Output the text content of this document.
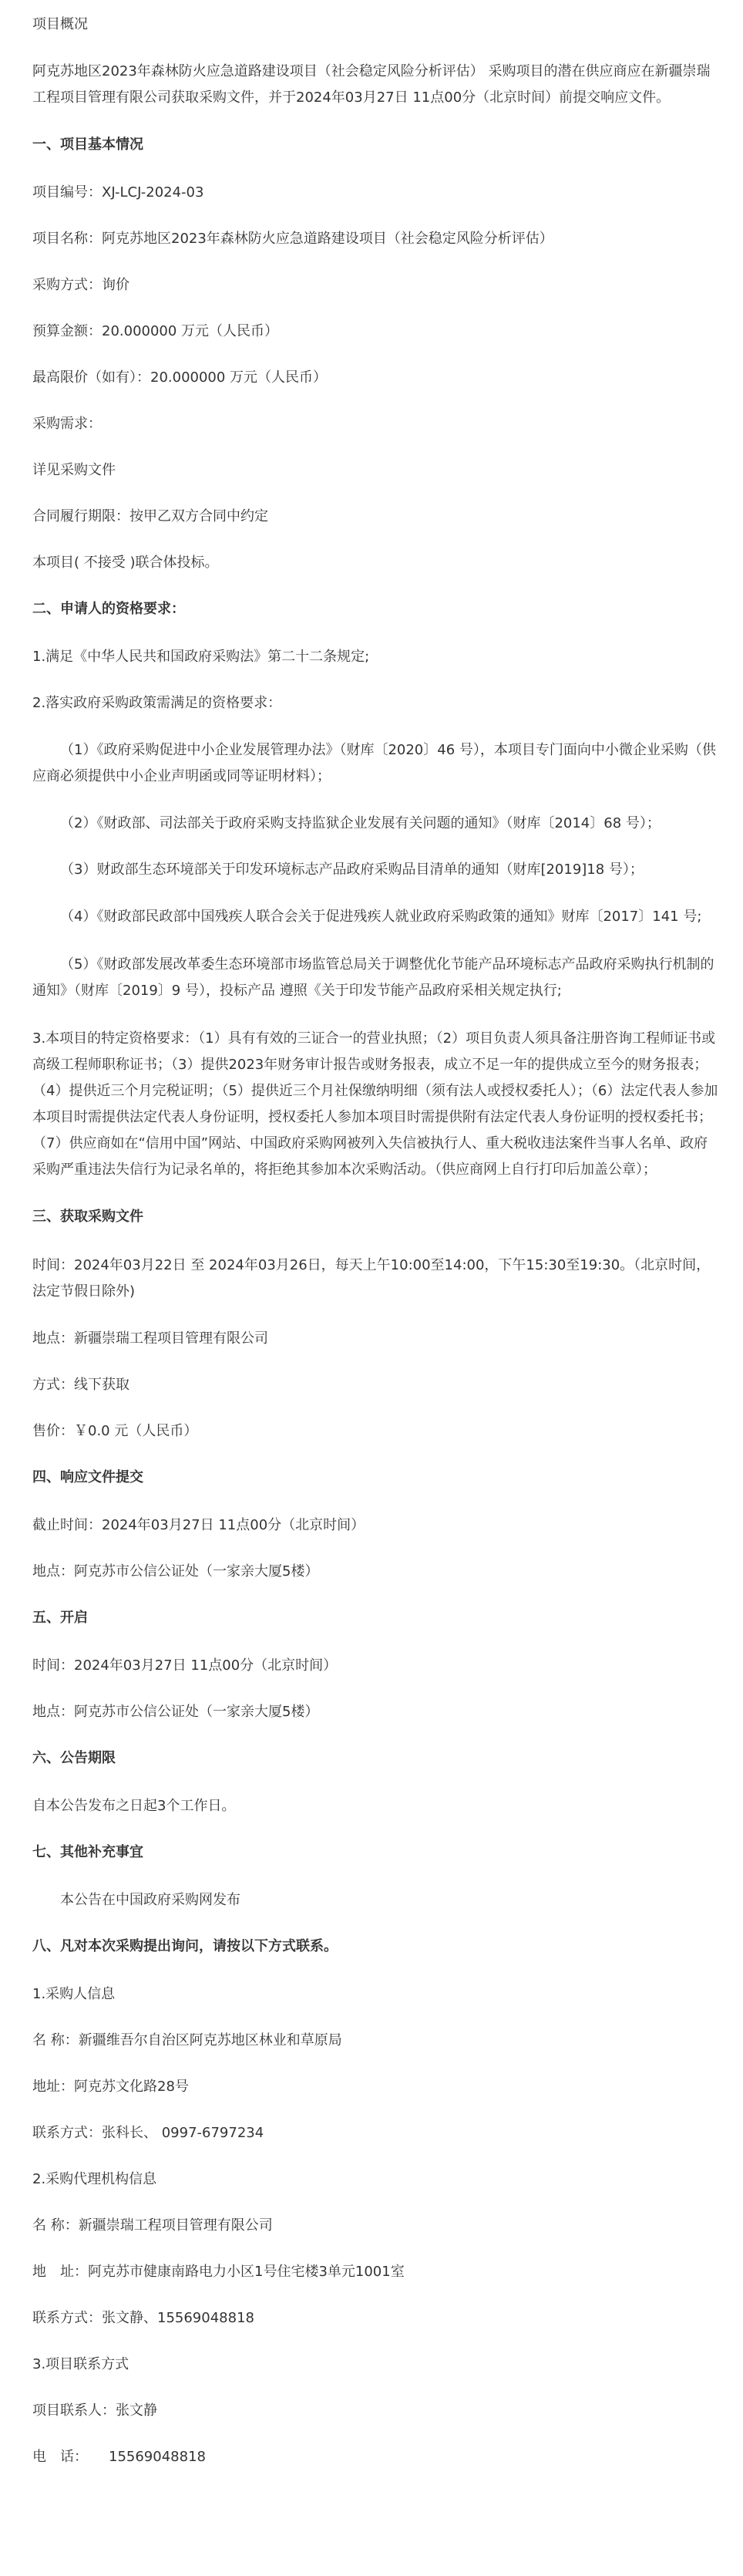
项目概况

阿克苏地区2023年森林防火应急道路建设项目（社会稳定风险分析评估） 采购项目的潜在供应商应在新疆崇瑞工程项目管理有限公司获取采购文件，并于2024年03月27日 11点00分（北京时间）前提交响应文件。

一、项目基本情况

项目编号：XJ-LCJ-2024-03

项目名称：阿克苏地区2023年森林防火应急道路建设项目（社会稳定风险分析评估）

采购方式：询价

预算金额：20.000000 万元（人民币）

最高限价（如有）：20.000000 万元（人民币）

采购需求：

详见采购文件

合同履行期限：按甲乙双方合同中约定

本项目( 不接受 )联合体投标。

二、申请人的资格要求：

1.满足《中华人民共和国政府采购法》第二十二条规定;

2.落实政府采购政策需满足的资格要求：

（1）《政府采购促进中小企业发展管理办法》（财库〔2020〕46 号），本项目专门面向中小微企业采购（供应商必须提供中小企业声明函或同等证明材料）；

（2）《财政部、司法部关于政府采购支持监狱企业发展有关问题的通知》（财库〔2014〕68 号）；

（3）财政部生态环境部关于印发环境标志产品政府采购品目清单的通知（财库[2019]18 号）；

（4）《财政部民政部中国残疾人联合会关于促进残疾人就业政府采购政策的通知》财库〔2017〕141 号;

（5）《财政部发展改革委生态环境部市场监管总局关于调整优化节能产品环境标志产品政府采购执行机制的通知》（财库〔2019〕9 号），投标产品 遵照《关于印发节能产品政府采相关规定执行;

3.本项目的特定资格要求：（1）具有有效的三证合一的营业执照；（2）项目负责人须具备注册咨询工程师证书或高级工程师职称证书；（3）提供2023年财务审计报告或财务报表，成立不足一年的提供成立至今的财务报表；（4）提供近三个月完税证明；（5）提供近三个月社保缴纳明细（须有法人或授权委托人）；（6）法定代表人参加本项目时需提供法定代表人身份证明，授权委托人参加本项目时需提供附有法定代表人身份证明的授权委托书；（7）供应商如在“信用中国”网站、中国政府采购网被列入失信被执行人、重大税收违法案件当事人名单、政府采购严重违法失信行为记录名单的，将拒绝其参加本次采购活动。（供应商网上自行打印后加盖公章）；

三、获取采购文件

时间：2024年03月22日 至 2024年03月26日，每天上午10:00至14:00，下午15:30至19:30。（北京时间，法定节假日除外)

地点：新疆崇瑞工程项目管理有限公司

方式：线下获取

售价：￥0.0 元（人民币）

四、响应文件提交

截止时间：2024年03月27日 11点00分（北京时间）

地点：阿克苏市公信公证处（一家亲大厦5楼）

五、开启

时间：2024年03月27日 11点00分（北京时间）

地点：阿克苏市公信公证处（一家亲大厦5楼）

六、公告期限

自本公告发布之日起3个工作日。

七、其他补充事宜

本公告在中国政府采购网发布

八、凡对本次采购提出询问，请按以下方式联系。

1.采购人信息

名 称：新疆维吾尔自治区阿克苏地区林业和草原局

地址：阿克苏文化路28号

联系方式：张科长、 0997-6797234

2.采购代理机构信息

名 称：新疆崇瑞工程项目管理有限公司

地　址：阿克苏市健康南路电力小区1号住宅楼3单元1001室

联系方式：张文静、15569048818

3.项目联系方式

项目联系人：张文静

电　话：　　15569048818
